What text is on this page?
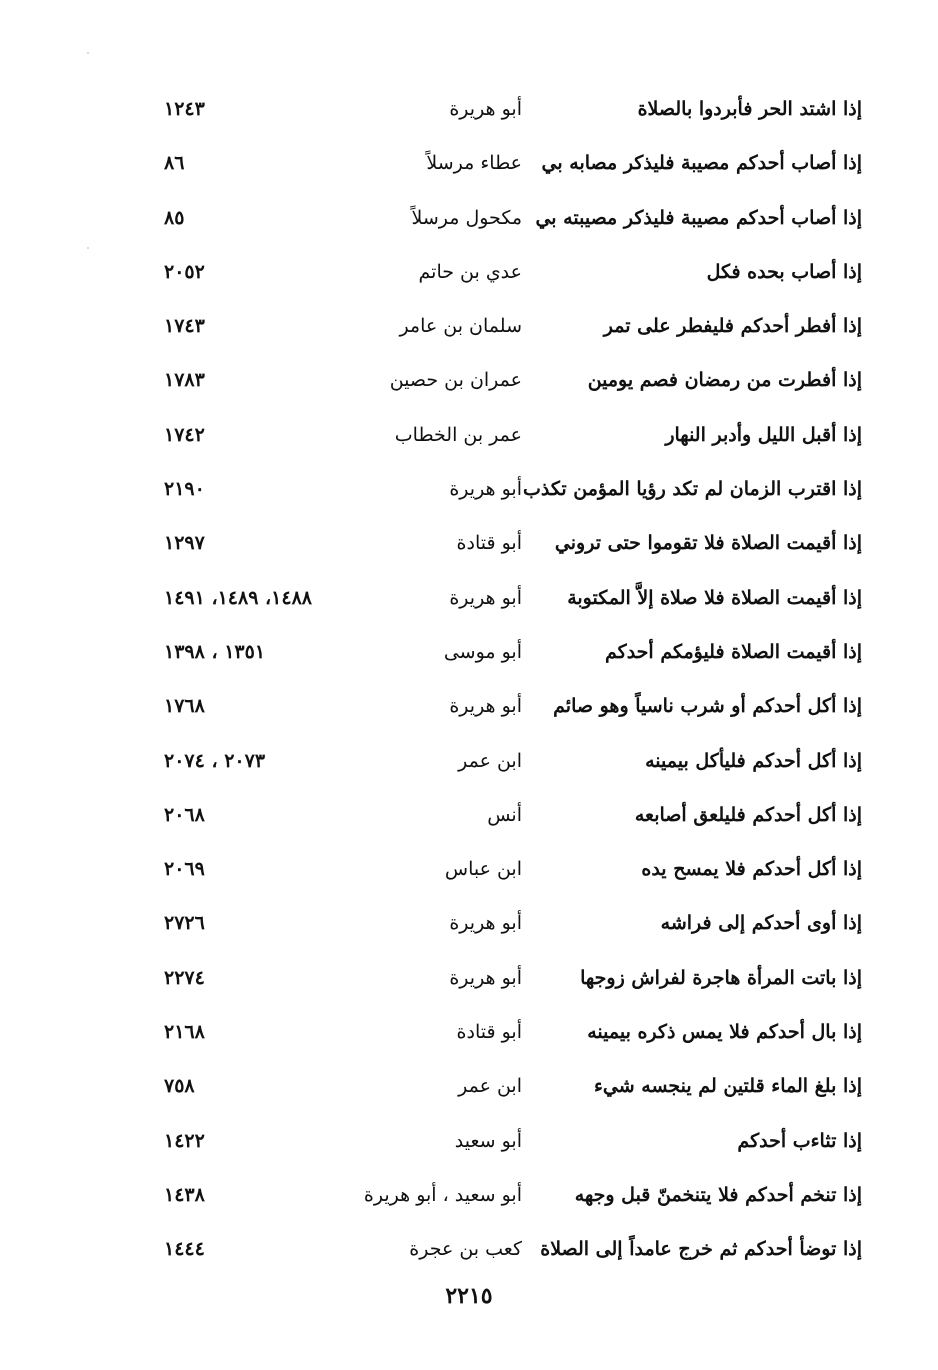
إذا اشتد الحر فأبردوا بالصلاة
أبو هريرة
١٢٤٣
إذا أصاب أحدكم مصيبة فليذكر مصابه بي
عطاء مرسلاً
٨٦
إذا أصاب أحدكم مصيبة فليذكر مصيبته بي
مكحول مرسلاً
٨٥
إذا أصاب بحده فكل
عدي بن حاتم
٢٠٥٢
إذا أفطر أحدكم فليفطر على تمر
سلمان بن عامر
١٧٤٣
إذا أفطرت من رمضان فصم يومين
عمران بن حصين
١٧٨٣
إذا أقبل الليل وأدبر النهار
عمر بن الخطاب
١٧٤٢
إذا اقترب الزمان لم تكد رؤيا المؤمن تكذب
أبو هريرة
٢١٩٠
إذا أقيمت الصلاة فلا تقوموا حتى تروني
أبو قتادة
١٢٩٧
إذا أقيمت الصلاة فلا صلاة إلاَّ المكتوبة
أبو هريرة
١٤٨٨، ١٤٨٩، ١٤٩١
إذا أقيمت الصلاة فليؤمكم أحدكم
أبو موسى
١٣٥١ ، ١٣٩٨
إذا أكل أحدكم أو شرب ناسياً وهو صائم
أبو هريرة
١٧٦٨
إذا أكل أحدكم فليأكل بيمينه
ابن عمر
٢٠٧٣ ، ٢٠٧٤
إذا أكل أحدكم فليلعق أصابعه
أنس
٢٠٦٨
إذا أكل أحدكم فلا يمسح يده
ابن عباس
٢٠٦٩
إذا أوى أحدكم إلى فراشه
أبو هريرة
٢٧٢٦
إذا باتت المرأة هاجرة لفراش زوجها
أبو هريرة
٢٢٧٤
إذا بال أحدكم فلا يمس ذكره بيمينه
أبو قتادة
٢١٦٨
إذا بلغ الماء قلتين لم ينجسه شيء
ابن عمر
٧٥٨
إذا تثاءب أحدكم
أبو سعيد
١٤٢٢
إذا تنخم أحدكم فلا يتنخمنّ قبل وجهه
أبو سعيد ، أبو هريرة
١٤٣٨
إذا توضأ أحدكم ثم خرج عامداً إلى الصلاة
كعب بن عجرة
١٤٤٤
٢٢١٥
